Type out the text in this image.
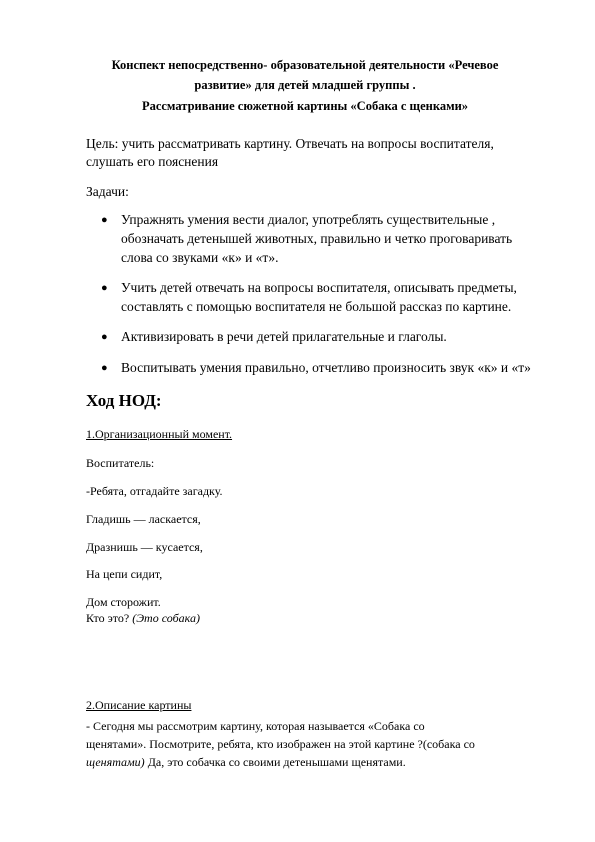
Конспект непосредственно- образовательной деятельности «Речевое
развитие» для детей младшей группы .
Рассматривание сюжетной картины «Собака с щенками»
Цель: учить рассматривать картину. Отвечать на вопросы воспитателя,
слушать его пояснения
Задачи:
● Упражнять умения вести диалог, употреблять существительные ,
обозначать детенышей животных, правильно и четко проговаривать
слова со звуками «к» и «т».
● Учить детей отвечать на вопросы воспитателя, описывать предметы,
составлять с помощью воспитателя не большой рассказ по картине.
● Активизировать в речи детей прилагательные и глаголы.
● Воспитывать умения правильно, отчетливо произносить звук «к» и «т»
Ход НОД:
1.Организационный момент.
Воспитатель:
-Ребята, отгадайте загадку.
Гладишь — ласкается,
Дразнишь — кусается,
На цепи сидит,
Дом сторожит.
Кто это? (Это собака)
2.Описание картины
- Сегодня мы рассмотрим картину, которая называется «Собака со
щенятами». Посмотрите, ребята, кто изображен на этой картине ?(собака со
щенятами) Да, это собачка со своими детенышами щенятами.
